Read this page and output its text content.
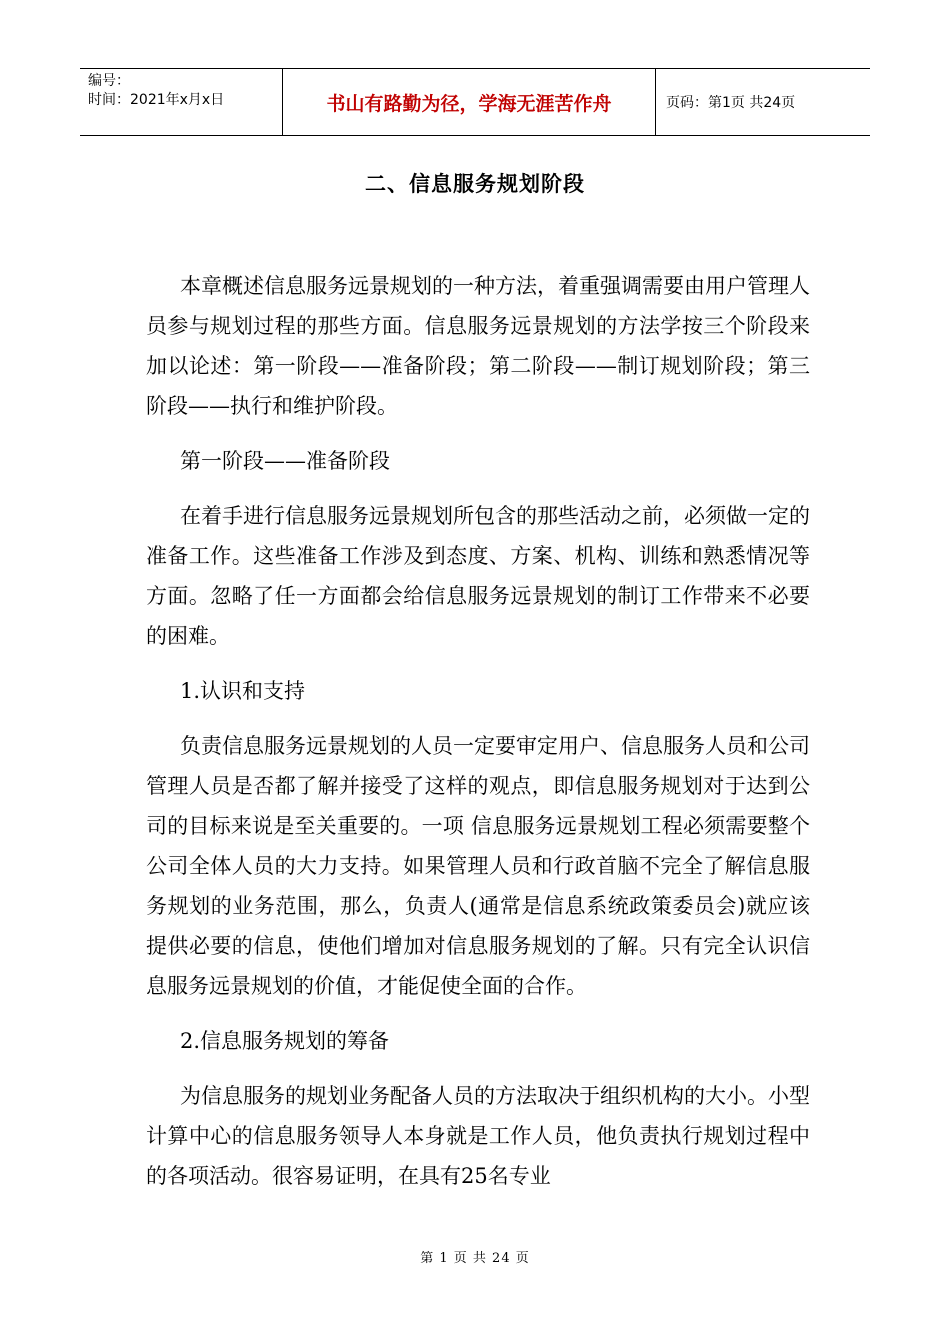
编号：
时间：2021年x月x日	书山有路勤为径，学海无涯苦作舟	页码：第1页 共24页
二、信息服务规划阶段

本章概述信息服务远景规划的一种方法，着重强调需要由用户管理人员参与规划过程的那些方面。信息服务远景规划的方法学按三个阶段来加以论述：第一阶段——准备阶段；第二阶段——制订规划阶段；第三阶段——执行和维护阶段。

第一阶段——准备阶段

在着手进行信息服务远景规划所包含的那些活动之前，必须做一定的准备工作。这些准备工作涉及到态度、方案、机构、训练和熟悉情况等方面。忽略了任一方面都会给信息服务远景规划的制订工作带来不必要的困难。

1.认识和支持

负责信息服务远景规划的人员一定要审定用户、信息服务人员和公司管理人员是否都了解并接受了这样的观点，即信息服务规划对于达到公司的目标来说是至关重要的。一项 信息服务远景规划工程必须需要整个公司全体人员的大力支持。如果管理人员和行政首脑不完全了解信息服务规划的业务范围，那么，负责人(通常是信息系统政策委员会)就应该提供必要的信息，使他们增加对信息服务规划的了解。只有完全认识信息服务远景规划的价值，才能促使全面的合作。

2.信息服务规划的筹备

为信息服务的规划业务配备人员的方法取决于组织机构的大小。小型计算中心的信息服务领导人本身就是工作人员，他负责执行规划过程中的各项活动。很容易证明，在具有25名专业

第 1 页 共 24 页
